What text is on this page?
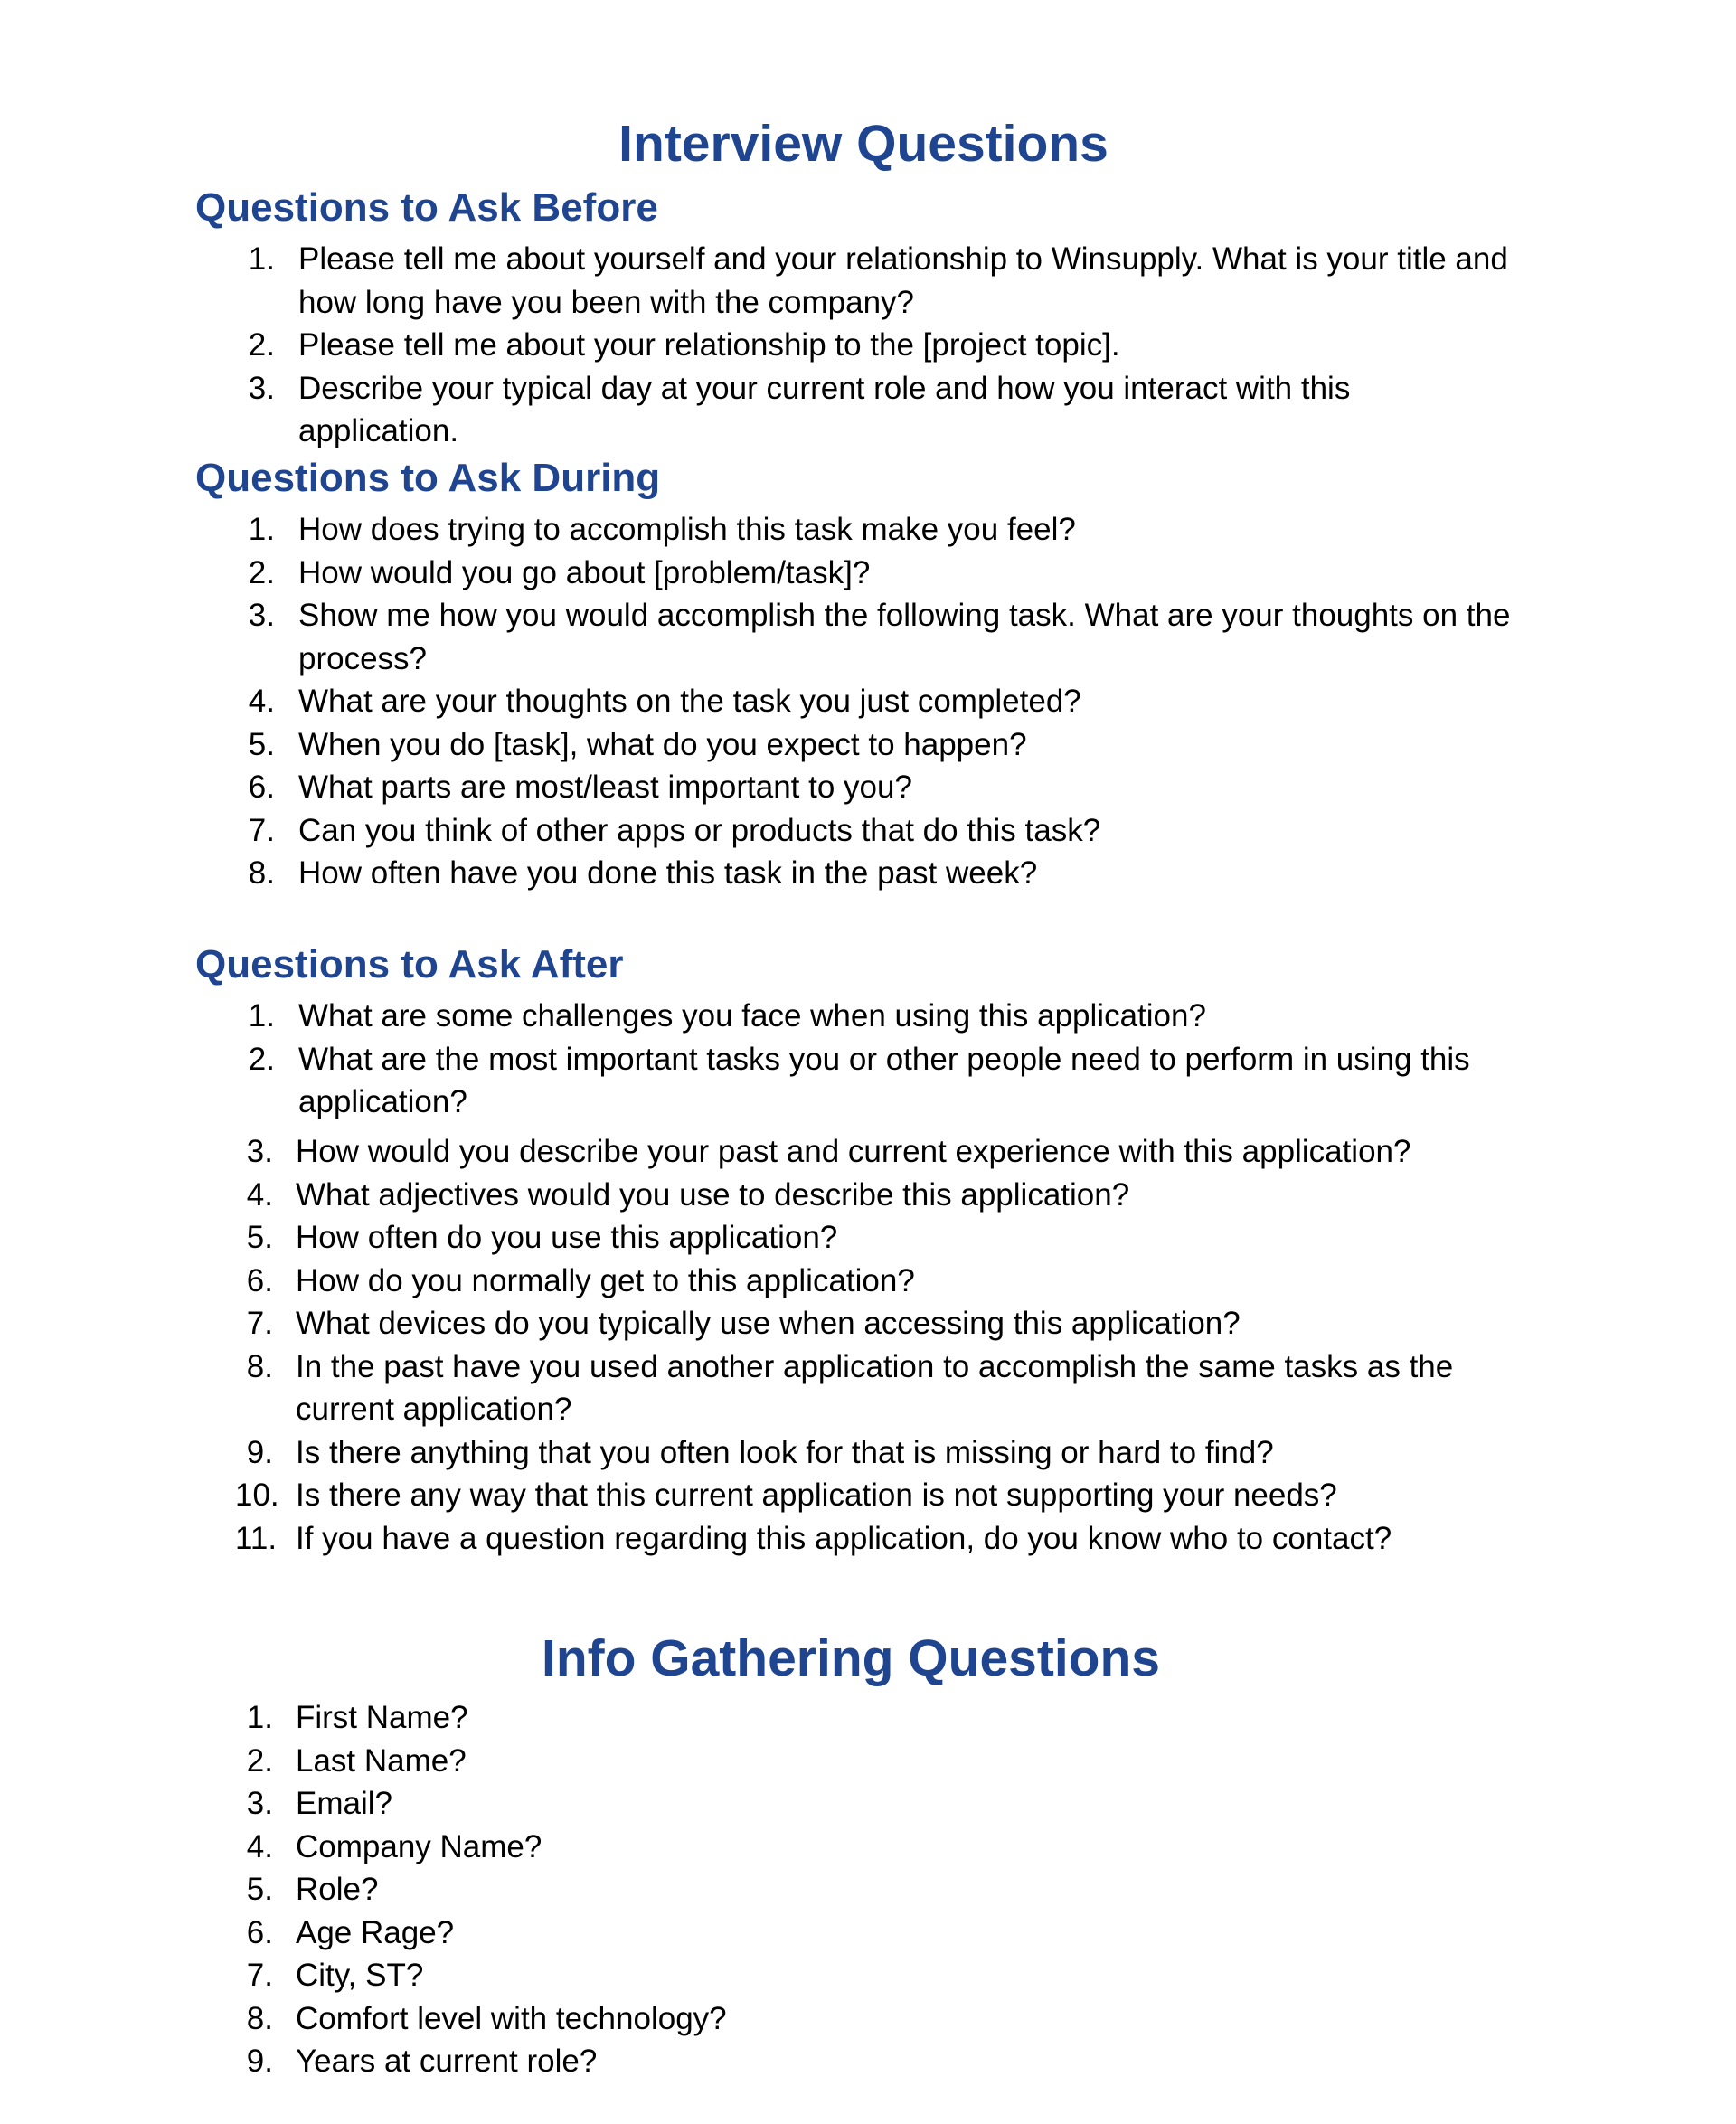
Interview Questions
Questions to Ask Before
1. Please tell me about yourself and your relationship to Winsupply. What is your title and how long have you been with the company?
2. Please tell me about your relationship to the [project topic].
3. Describe your typical day at your current role and how you interact with this application.
Questions to Ask During
1. How does trying to accomplish this task make you feel?
2. How would you go about [problem/task]?
3. Show me how you would accomplish the following task. What are your thoughts on the process?
4. What are your thoughts on the task you just completed?
5. When you do [task], what do you expect to happen?
6. What parts are most/least important to you?
7. Can you think of other apps or products that do this task?
8. How often have you done this task in the past week?
Questions to Ask After
1. What are some challenges you face when using this application?
2. What are the most important tasks you or other people need to perform in using this application?
3. How would you describe your past and current experience with this application?
4. What adjectives would you use to describe this application?
5. How often do you use this application?
6. How do you normally get to this application?
7. What devices do you typically use when accessing this application?
8. In the past have you used another application to accomplish the same tasks as the current application?
9. Is there anything that you often look for that is missing or hard to find?
10. Is there any way that this current application is not supporting your needs?
11. If you have a question regarding this application, do you know who to contact?
Info Gathering Questions
1. First Name?
2. Last Name?
3. Email?
4. Company Name?
5. Role?
6. Age Rage?
7. City, ST?
8. Comfort level with technology?
9. Years at current role?
